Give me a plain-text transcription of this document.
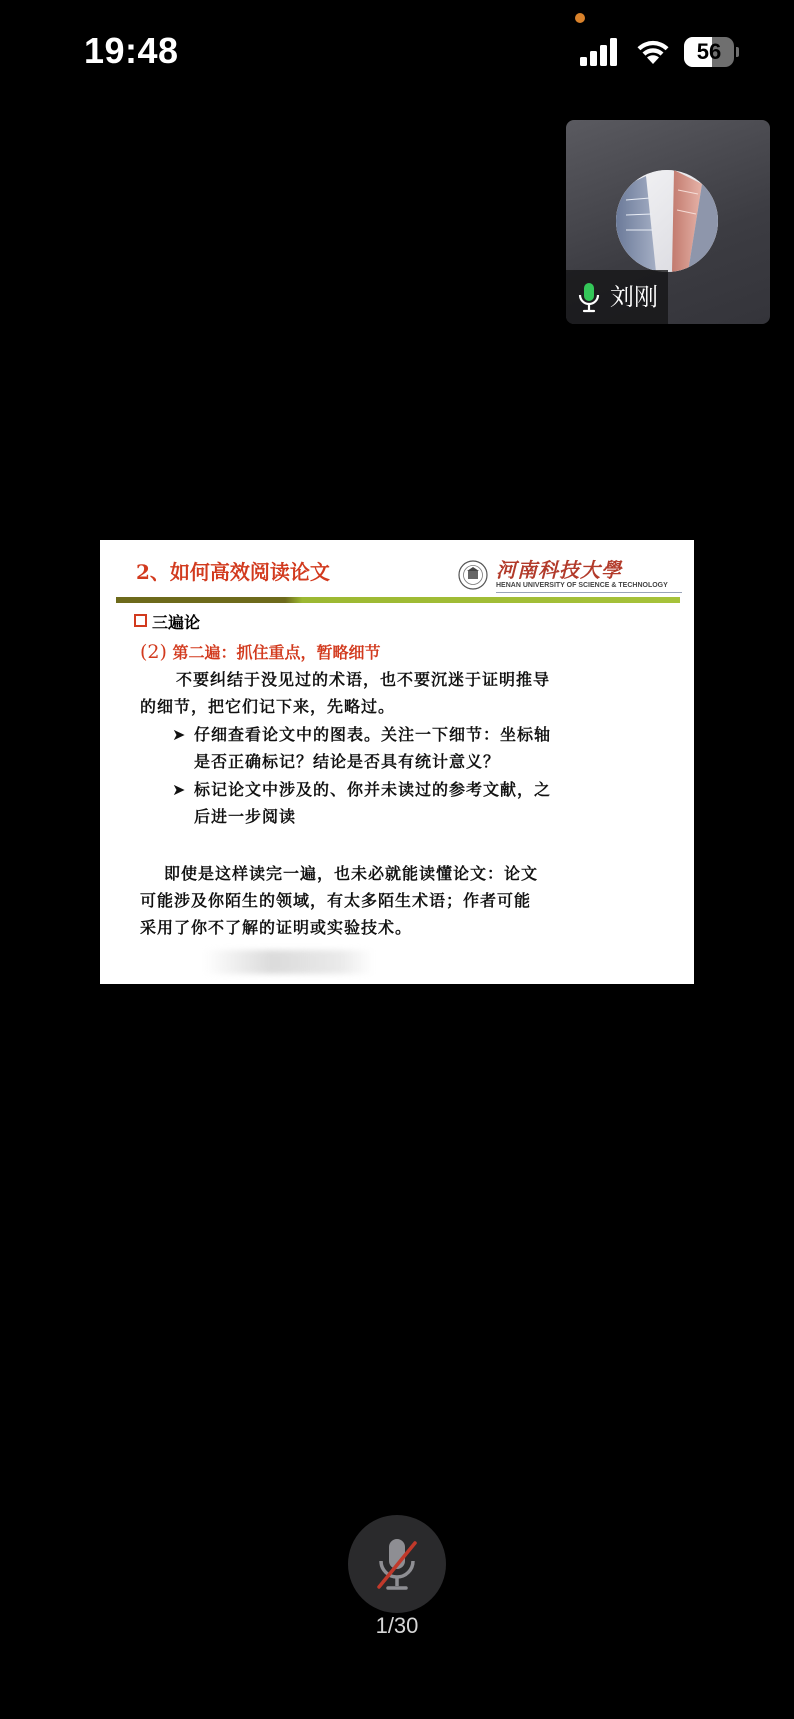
19:48	56
刘刚
2、如何高效阅读论文	河南科技大學
HENAN UNIVERSITY OF SCIENCE & TECHNOLOGY
三遍论
(2) 第二遍：抓住重点，暂略细节
不要纠结于没见过的术语，也不要沉迷于证明推导
的细节，把它们记下来，先略过。
➤ 仔细查看论文中的图表。关注一下细节：坐标轴
是否正确标记？结论是否具有统计意义？
➤ 标记论文中涉及的、你并未读过的参考文献，之
后进一步阅读
即使是这样读完一遍，也未必就能读懂论文：论文
可能涉及你陌生的领域，有太多陌生术语；作者可能
采用了你不了解的证明或实验技术。
1/30
